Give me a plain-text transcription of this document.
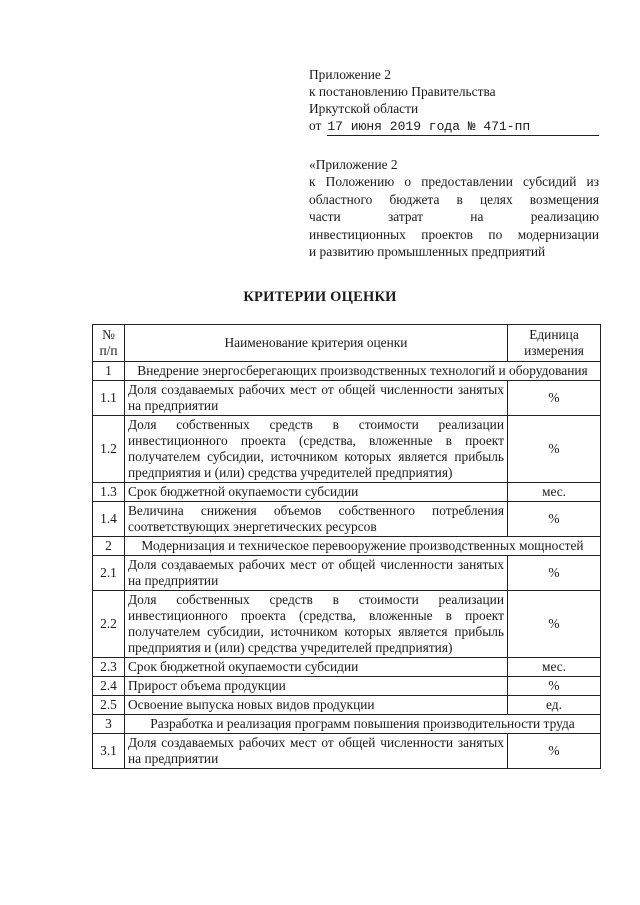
Приложение 2
к постановлению Правительства
Иркутской области
от 17 июня 2019 года № 471-пп
«Приложение 2
к Положению о предоставлении субсидий из
областного бюджета в целях возмещения
части затрат на реализацию
инвестиционных проектов по модернизации
и развитию промышленных предприятий
КРИТЕРИИ ОЦЕНКИ
№ п/п	Наименование критерия оценки	Единица измерения
1	Внедрение энергосберегающих производственных технологий и оборудования	
1.1	Доля создаваемых рабочих мест от общей численности занятых на предприятии	%
1.2	Доля собственных средств в стоимости реализации инвестиционного проекта (средства, вложенные в проект получателем субсидии, источником которых является прибыль предприятия и (или) средства учредителей предприятия)	%
1.3	Срок бюджетной окупаемости субсидии	мес.
1.4	Величина снижения объемов собственного потребления соответствующих энергетических ресурсов	%
2	Модернизация и техническое перевооружение производственных мощностей	
2.1	Доля создаваемых рабочих мест от общей численности занятых на предприятии	%
2.2	Доля собственных средств в стоимости реализации инвестиционного проекта (средства, вложенные в проект получателем субсидии, источником которых является прибыль предприятия и (или) средства учредителей предприятия)	%
2.3	Срок бюджетной окупаемости субсидии	мес.
2.4	Прирост объема продукции	%
2.5	Освоение выпуска новых видов продукции	ед.
3	Разработка и реализация программ повышения производительности труда	
3.1	Доля создаваемых рабочих мест от общей численности занятых на предприятии	%
